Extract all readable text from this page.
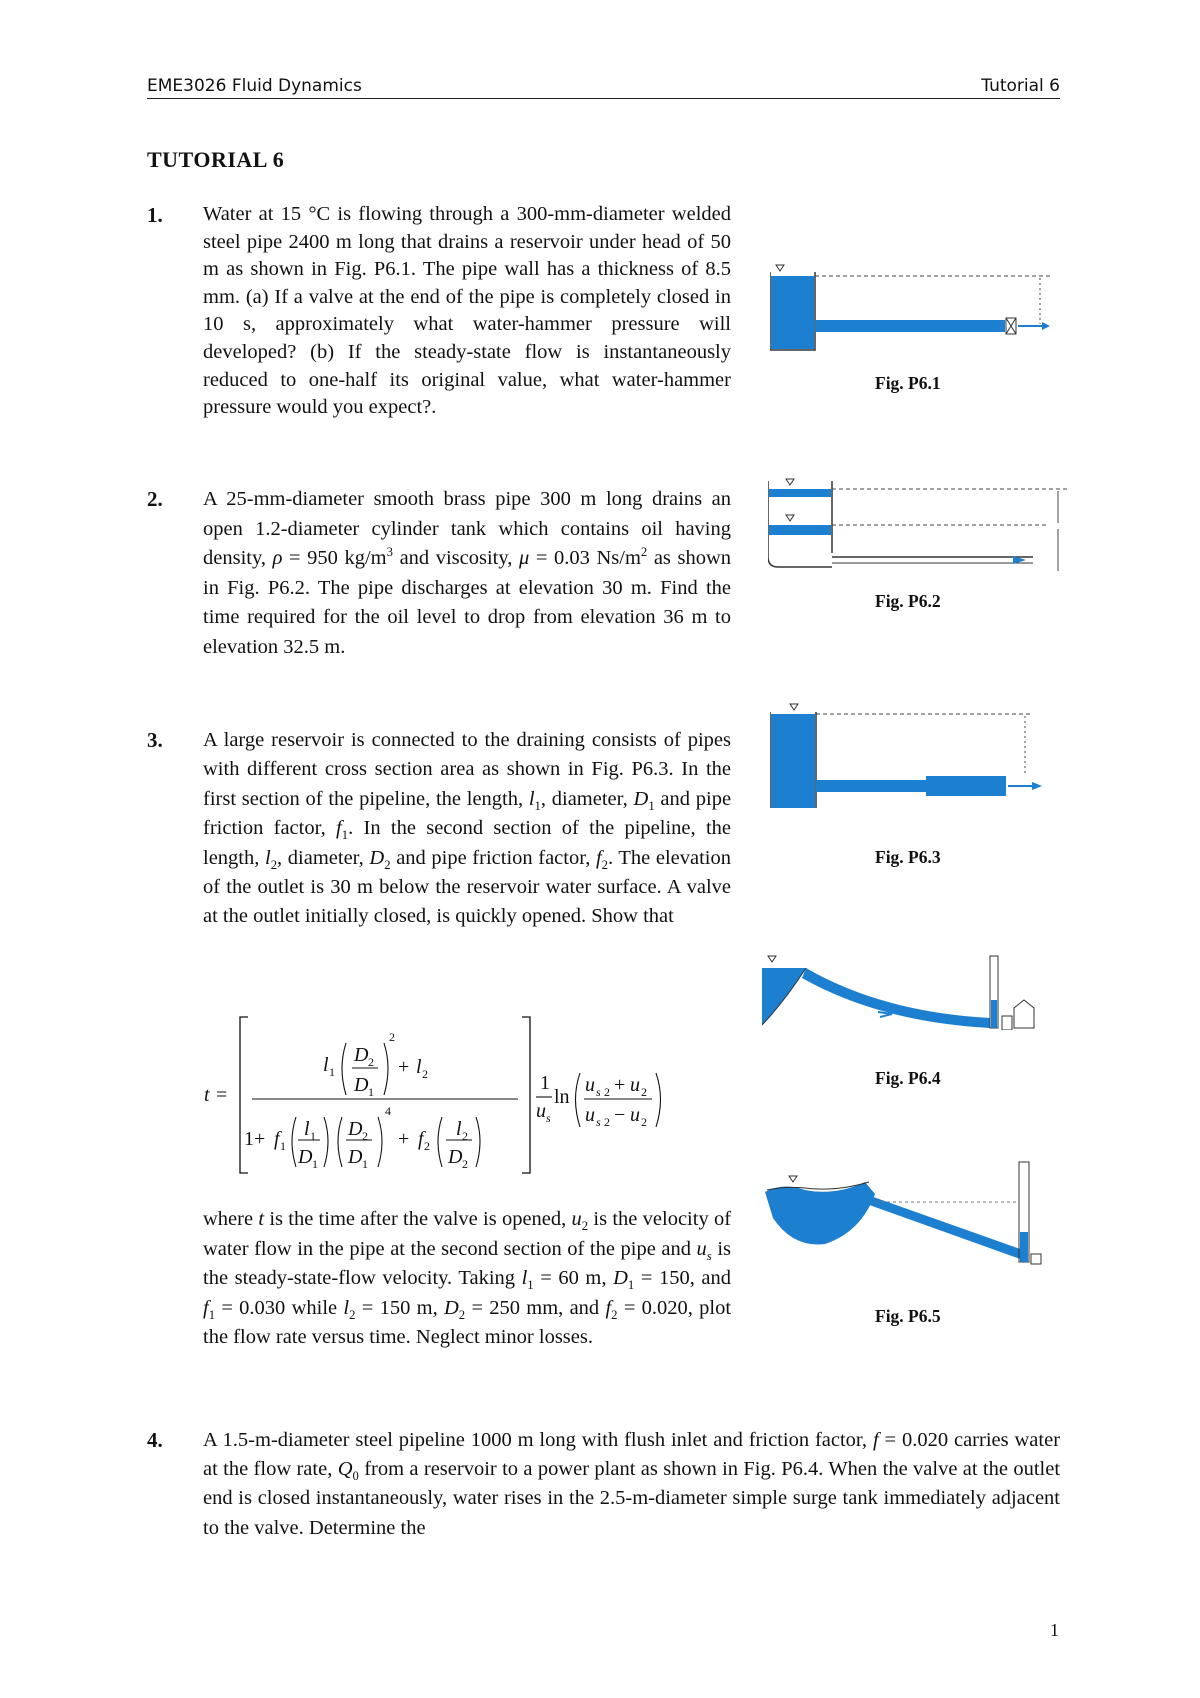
EME3026 Fluid Dynamics	Tutorial 6
TUTORIAL 6
1. Water at 15 °C is flowing through a 300-mm-diameter welded steel pipe 2400 m long that drains a reservoir under head of 50 m as shown in Fig. P6.1. The pipe wall has a thickness of 8.5 mm. (a) If a valve at the end of the pipe is completely closed in 10 s, approximately what water-hammer pressure will developed? (b) If the steady-state flow is instantaneously reduced to one-half its original value, what water-hammer pressure would you expect?.
2. A 25-mm-diameter smooth brass pipe 300 m long drains an open 1.2-diameter cylinder tank which contains oil having density, ρ = 950 $kg/m^3$ and viscosity, μ = 0.03 $Ns/m^2$ as shown in Fig. P6.2. The pipe discharges at elevation 30 m. Find the time required for the oil level to drop from elevation 36 m to elevation 32.5 m.
3. A large reservoir is connected to the draining consists of pipes with different cross section area as shown in Fig. P6.3. In the first section of the pipeline, the length, $l_1$, diameter, $D_1$ and pipe friction factor, $f_1$. In the second section of the pipeline, the length, $l_2$, diameter, $D_2$ and pipe friction factor, $f_2$. The elevation of the outlet is 30 m below the reservoir water surface. A valve at the outlet initially closed, is quickly opened. Show that
t =
l 1
D 2
D 1
2
+ l 2
1+ f 1
l 1
D 1
D 2
D 1
4
+ f 2
l 2
D 2
1
u s
ln
u s 2 + u 2
u s 2 − u 2
where t is the time after the valve is opened, $u_2$ is the velocity of water flow in the pipe at the second section of the pipe and $u_s$ is the steady-state-flow velocity. Taking $l_1 = 60$ m, $D_1 = 150$, and $f_1 = 0.030$ while $l_2 = 150$ m, $D_2 = 250$ mm, and $f_2 = 0.020$, plot the flow rate versus time. Neglect minor losses.
4. A 1.5-m-diameter steel pipeline 1000 m long with flush inlet and friction factor, f = 0.020 carries water at the flow rate, $Q_0$ from a reservoir to a power plant as shown in Fig. P6.4. When the valve at the outlet end is closed instantaneously, water rises in the 2.5-m-diameter simple surge tank immediately adjacent to the valve. Determine the
Fig. P6.1
Fig. P6.2
Fig. P6.3
Fig. P6.4
Fig. P6.5
1
